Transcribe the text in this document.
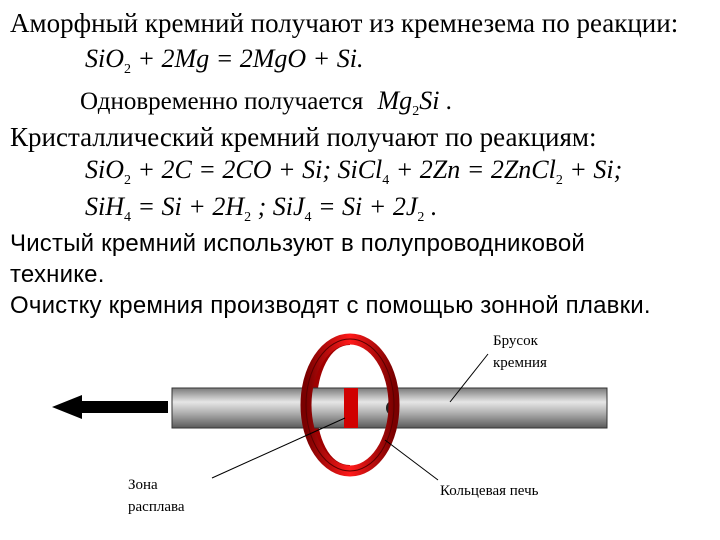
Аморфный кремний получают из кремнезема по реакции:
SiO$_2$ + 2Mg = 2MgO + Si.
Одновременно получается $Mg_2Si$ .
Кристаллический кремний получают по реакциям:
SiO$_2$ + 2C = 2CO + Si; SiCl$_4$ + 2Zn = 2ZnCl$_2$ + Si;
$SiH_4 = Si + 2H_2$ ; $SiJ_4 = Si + 2J_2$ .
Чистый кремний используют в полупроводниковой
технике.
Очистку кремния производят с помощью зонной плавки.
Брусок кремния
Зона расплава
Кольцевая печь
